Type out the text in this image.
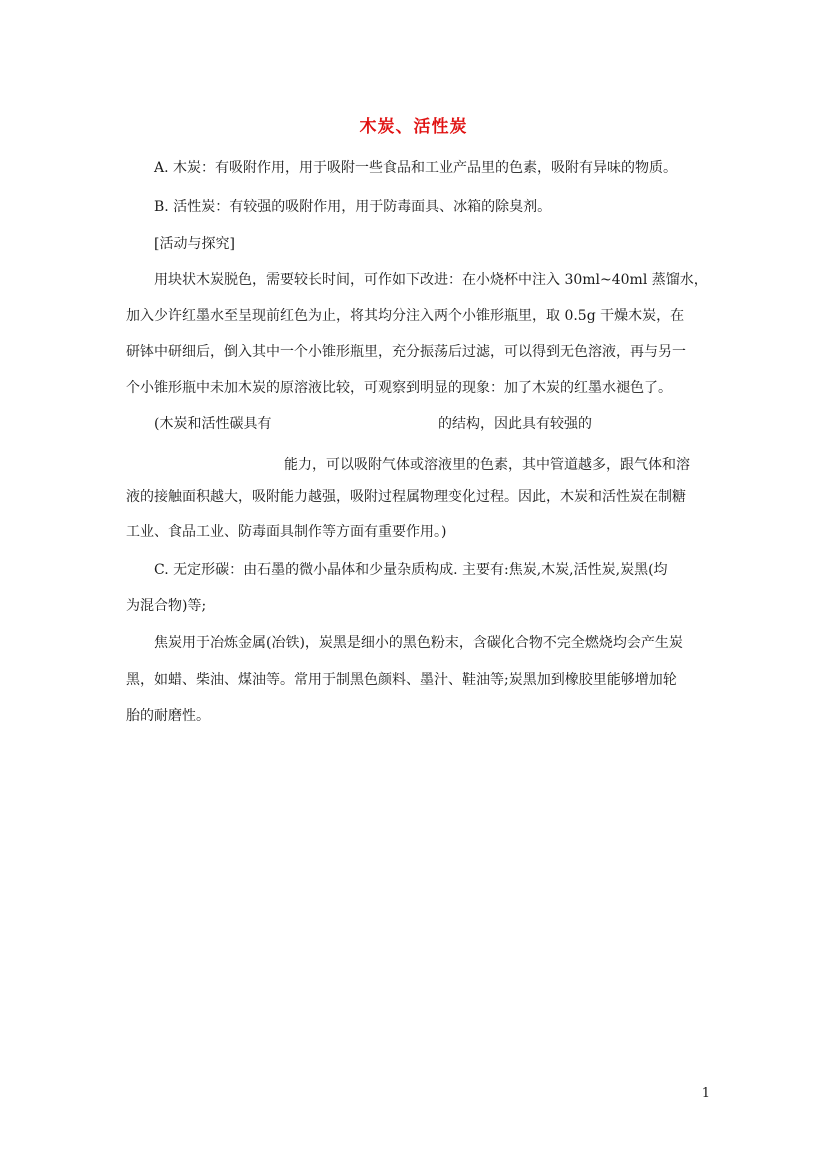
木炭、活性炭
A. 木炭：有吸附作用，用于吸附一些食品和工业产品里的色素，吸附有异味的物质。
B. 活性炭：有较强的吸附作用，用于防毒面具、冰箱的除臭剂。
[活动与探究]
用块状木炭脱色，需要较长时间，可作如下改进：在小烧杯中注入 30ml~40ml 蒸馏水，
加入少许红墨水至呈现前红色为止，将其均分注入两个小锥形瓶里，取 0.5g 干燥木炭，在
研钵中研细后，倒入其中一个小锥形瓶里，充分振荡后过滤，可以得到无色溶液，再与另一
个小锥形瓶中未加木炭的原溶液比较，可观察到明显的现象：加了木炭的红墨水褪色了。
(木炭和活性碳具有	的结构，因此具有较强的
能力，可以吸附气体或溶液里的色素，其中管道越多，跟气体和溶
液的接触面积越大，吸附能力越强，吸附过程属物理变化过程。因此，木炭和活性炭在制糖
工业、食品工业、防毒面具制作等方面有重要作用。)
C. 无定形碳：由石墨的微小晶体和少量杂质构成. 主要有:焦炭,木炭,活性炭,炭黑(均
为混合物)等;
焦炭用于冶炼金属(冶铁)，炭黑是细小的黑色粉末，含碳化合物不完全燃烧均会产生炭
黑，如蜡、柴油、煤油等。常用于制黑色颜料、墨汁、鞋油等;炭黑加到橡胶里能够增加轮
胎的耐磨性。
1
